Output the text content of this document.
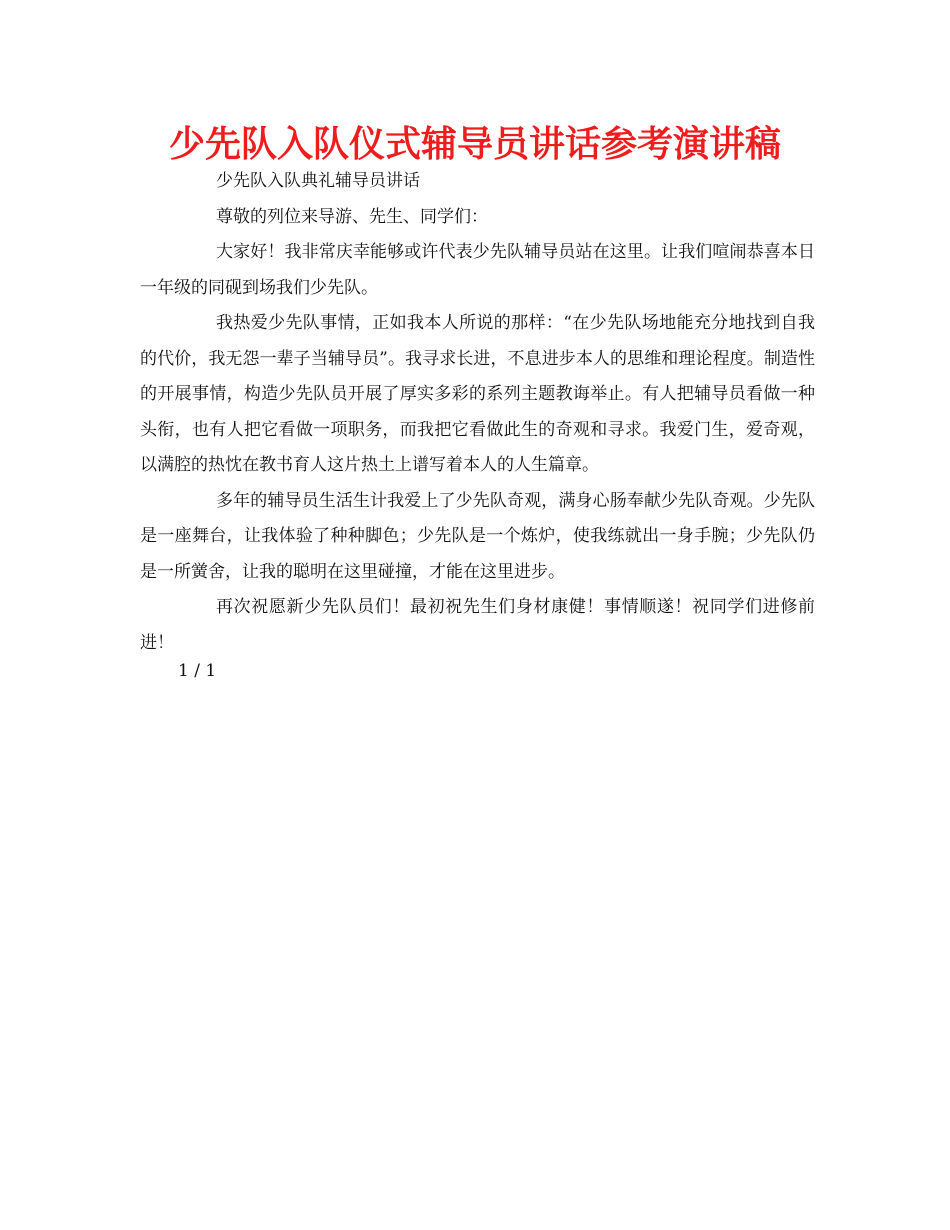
少先队入队仪式辅导员讲话参考演讲稿

少先队入队典礼辅导员讲话

尊敬的列位来导游、先生、同学们：

大家好！我非常庆幸能够或许代表少先队辅导员站在这里。让我们喧闹恭喜本日一年级的同砚到场我们少先队。

我热爱少先队事情，正如我本人所说的那样：“在少先队场地能充分地找到自我的代价，我无怨一辈子当辅导员”。我寻求长进，不息进步本人的思维和理论程度。制造性的开展事情，构造少先队员开展了厚实多彩的系列主题教诲举止。有人把辅导员看做一种头衔，也有人把它看做一项职务，而我把它看做此生的奇观和寻求。我爱门生，爱奇观，以满腔的热忱在教书育人这片热土上谱写着本人的人生篇章。

多年的辅导员生活生计我爱上了少先队奇观，满身心肠奉献少先队奇观。少先队是一座舞台，让我体验了种种脚色；少先队是一个炼炉，使我练就出一身手腕；少先队仍是一所黉舍，让我的聪明在这里碰撞，才能在这里进步。

再次祝愿新少先队员们！最初祝先生们身材康健！事情顺遂！祝同学们进修前进！

1 / 1
